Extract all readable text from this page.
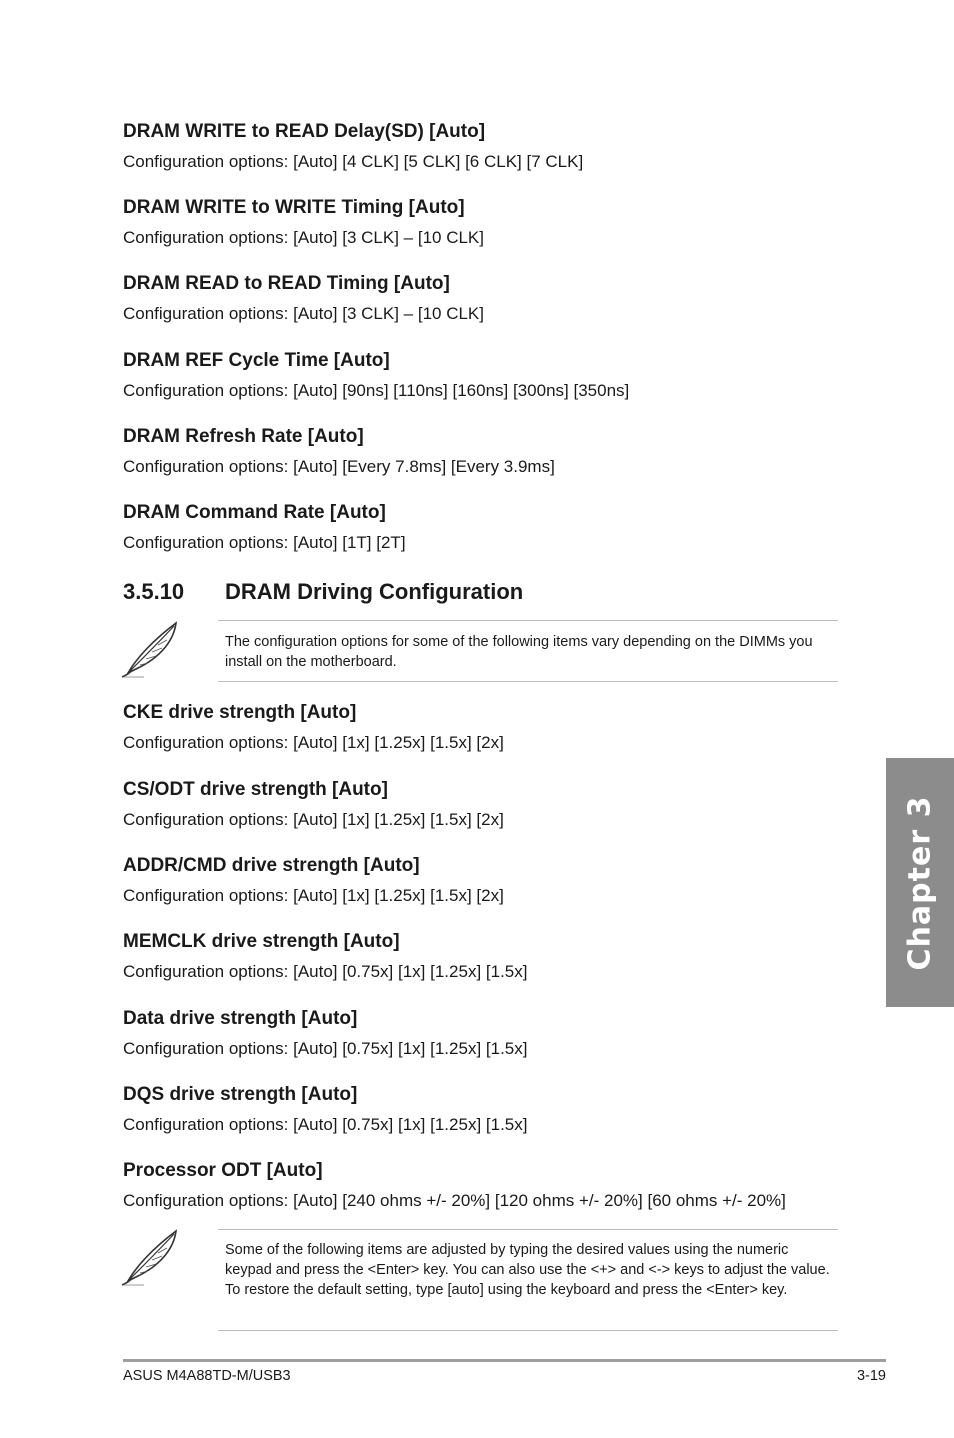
DRAM WRITE to READ Delay(SD) [Auto]
Configuration options: [Auto] [4 CLK] [5 CLK] [6 CLK] [7 CLK]
DRAM WRITE to WRITE Timing [Auto]
Configuration options: [Auto] [3 CLK] – [10 CLK]
DRAM READ to READ Timing [Auto]
Configuration options: [Auto] [3 CLK] – [10 CLK]
DRAM REF Cycle Time [Auto]
Configuration options: [Auto] [90ns] [110ns] [160ns] [300ns] [350ns]
DRAM Refresh Rate [Auto]
Configuration options: [Auto] [Every 7.8ms] [Every 3.9ms]
DRAM Command Rate [Auto]
Configuration options: [Auto] [1T] [2T]
3.5.10 DRAM Driving Configuration
The configuration options for some of the following items vary depending on the DIMMs you install on the motherboard.
CKE drive strength [Auto]
Configuration options: [Auto] [1x] [1.25x] [1.5x] [2x]
CS/ODT drive strength [Auto]
Configuration options: [Auto] [1x] [1.25x] [1.5x] [2x]
ADDR/CMD drive strength [Auto]
Configuration options: [Auto] [1x] [1.25x] [1.5x] [2x]
MEMCLK drive strength [Auto]
Configuration options: [Auto] [0.75x] [1x] [1.25x] [1.5x]
Data drive strength [Auto]
Configuration options: [Auto] [0.75x] [1x] [1.25x] [1.5x]
DQS drive strength [Auto]
Configuration options: [Auto] [0.75x] [1x] [1.25x] [1.5x]
Processor ODT [Auto]
Configuration options: [Auto] [240 ohms +/- 20%] [120 ohms +/- 20%] [60 ohms +/- 20%]
Some of the following items are adjusted by typing the desired values using the numeric keypad and press the <Enter> key. You can also use the <+> and <-> keys to adjust the value. To restore the default setting, type [auto] using the keyboard and press the <Enter> key.
Chapter 3
ASUS M4A88TD-M/USB3	3-19
